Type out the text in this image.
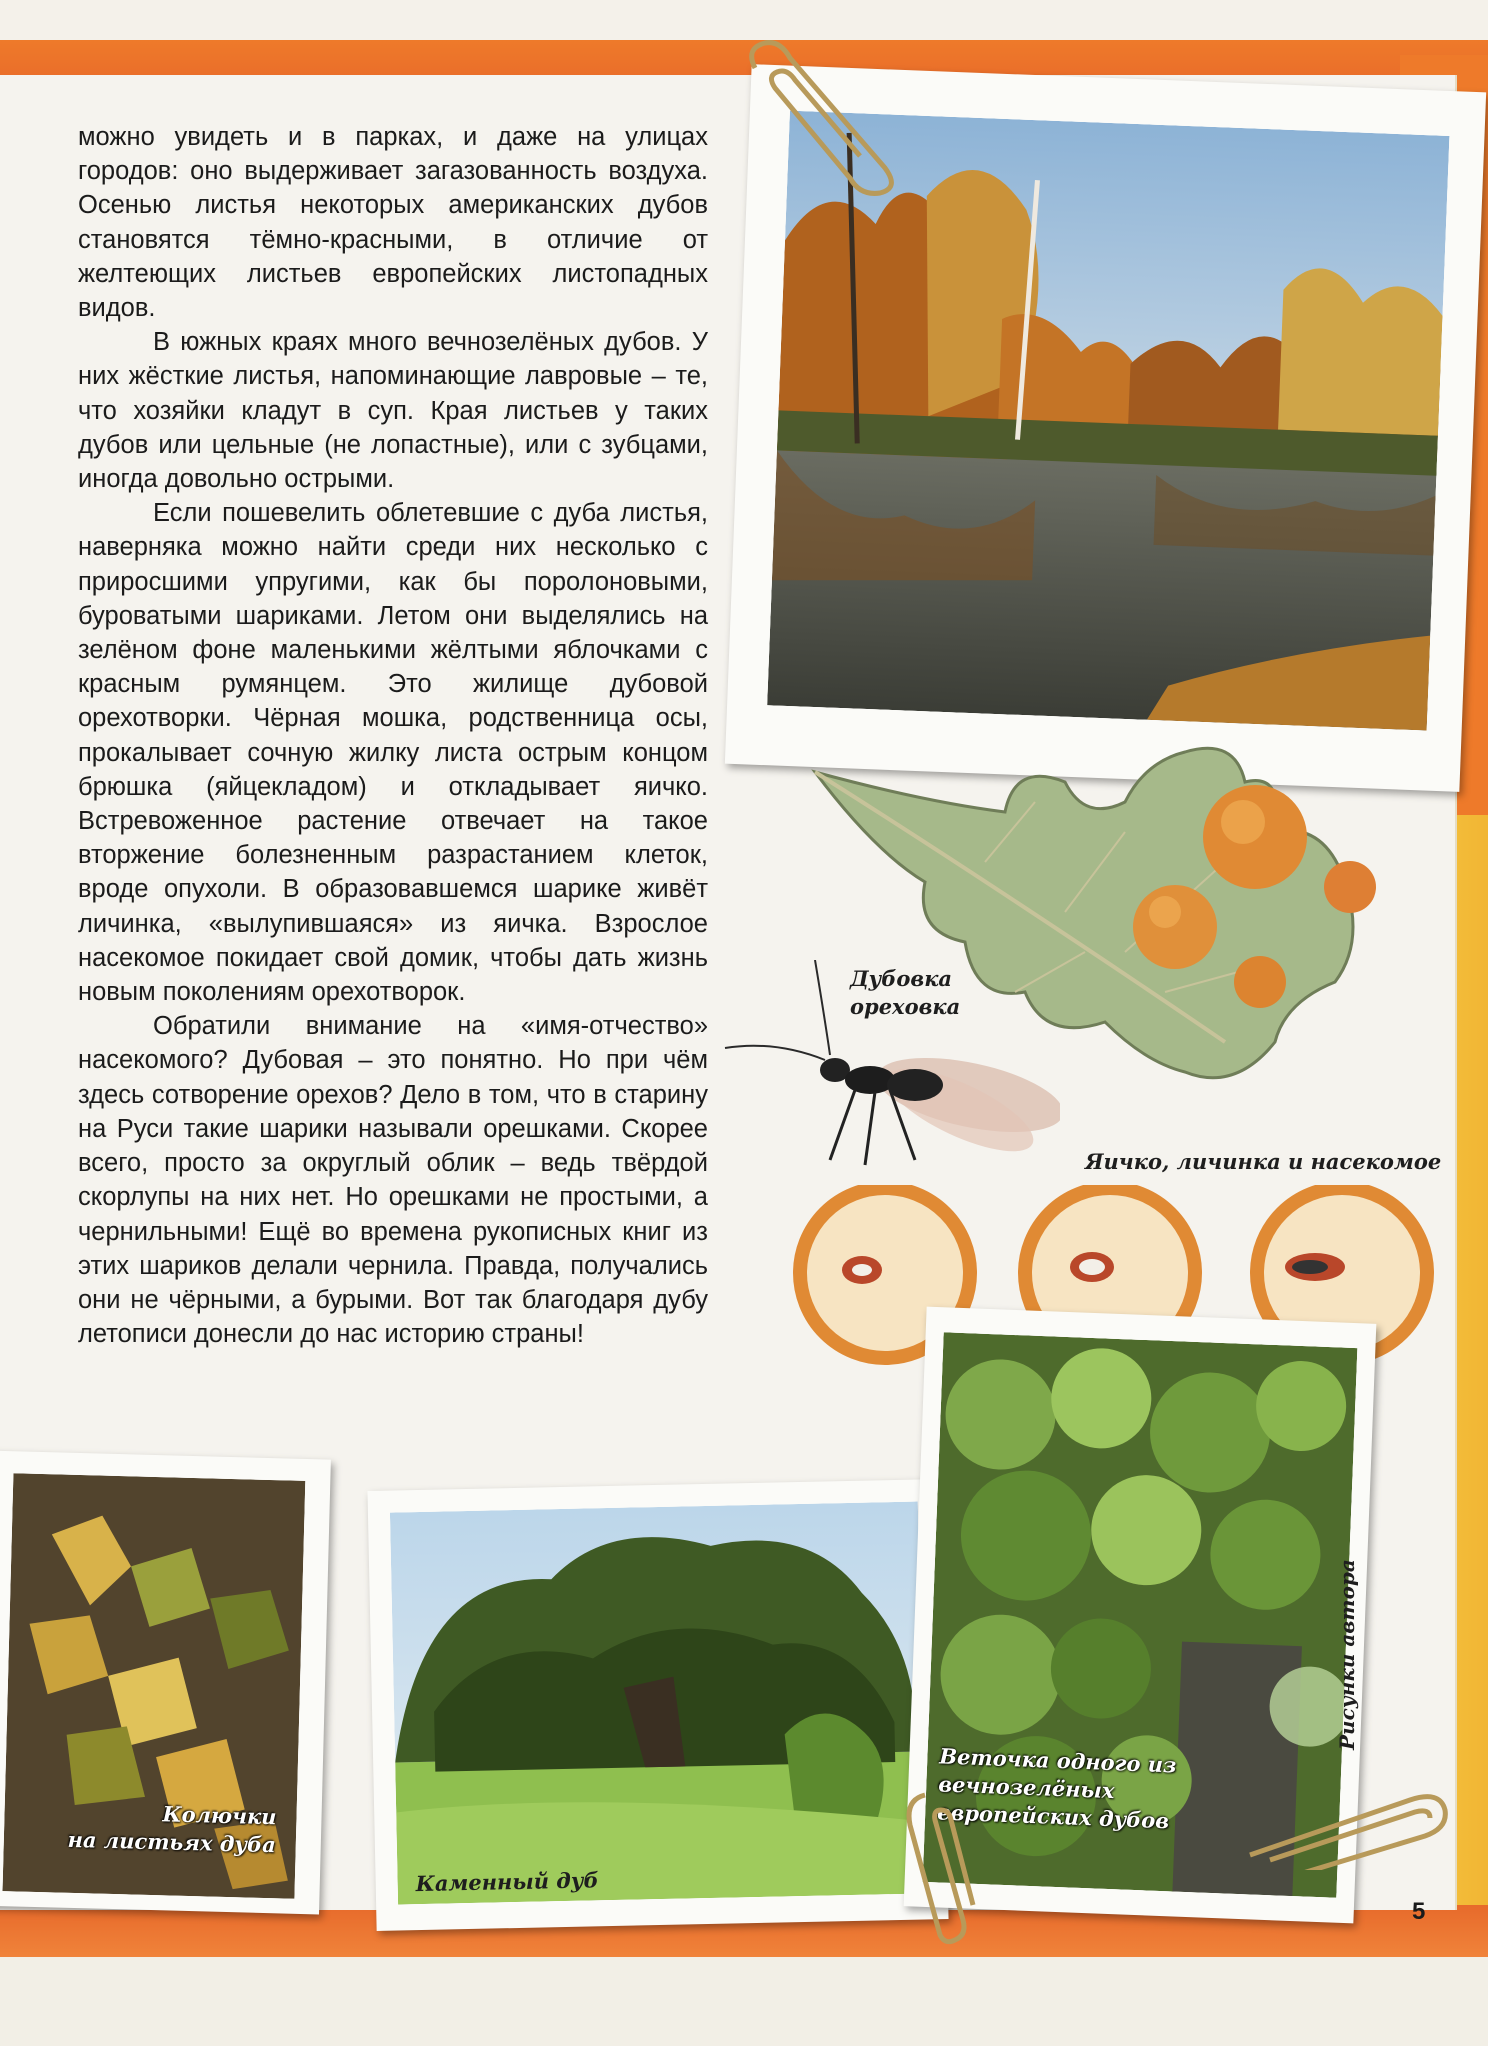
можно увидеть и в парках, и даже на улицах городов: оно выдерживает загазованность воздуха. Осенью листья некоторых американских дубов становятся тёмно-красными, в отличие от желтеющих листьев европейских листопадных видов.

В южных краях много вечнозелёных дубов. У них жёсткие листья, напоминающие лавровые – те, что хозяйки кладут в суп. Края листьев у таких дубов или цельные (не лопастные), или с зубцами, иногда довольно острыми.

Если пошевелить облетевшие с дуба листья, наверняка можно найти среди них несколько с приросшими упругими, как бы поролоновыми, буроватыми шариками. Летом они выделялись на зелёном фоне маленькими жёлтыми яблочками с красным румянцем. Это жилище дубовой орехотворки. Чёрная мошка, родственница осы, прокалывает сочную жилку листа острым концом брюшка (яйцекладом) и откладывает яичко. Встревоженное растение отвечает на такое вторжение болезненным разрастанием клеток, вроде опухоли. В образовавшемся шарике живёт личинка, «вылупившаяся» из яичка. Взрослое насекомое покидает свой домик, чтобы дать жизнь новым поколениям орехотворок.

Обратили внимание на «имя-отчество» насекомого? Дубовая – это понятно. Но при чём здесь сотворение орехов? Дело в том, что в старину на Руси такие шарики называли орешками. Скорее всего, просто за округлый облик – ведь твёрдой скорлупы на них нет. Но орешками не простыми, а чернильными! Ещё во времена рукописных книг из этих шариков делали чернила. Правда, получались они не чёрными, а бурыми. Вот так благодаря дубу летописи донесли до нас историю страны!

Дубовка
ореховка
Яичко, личинка и насекомое
Колючки
на листьях дуба
Каменный дуб
Веточка одного из
вечнозелёных
европейских дубов
Рисунки автора
5
